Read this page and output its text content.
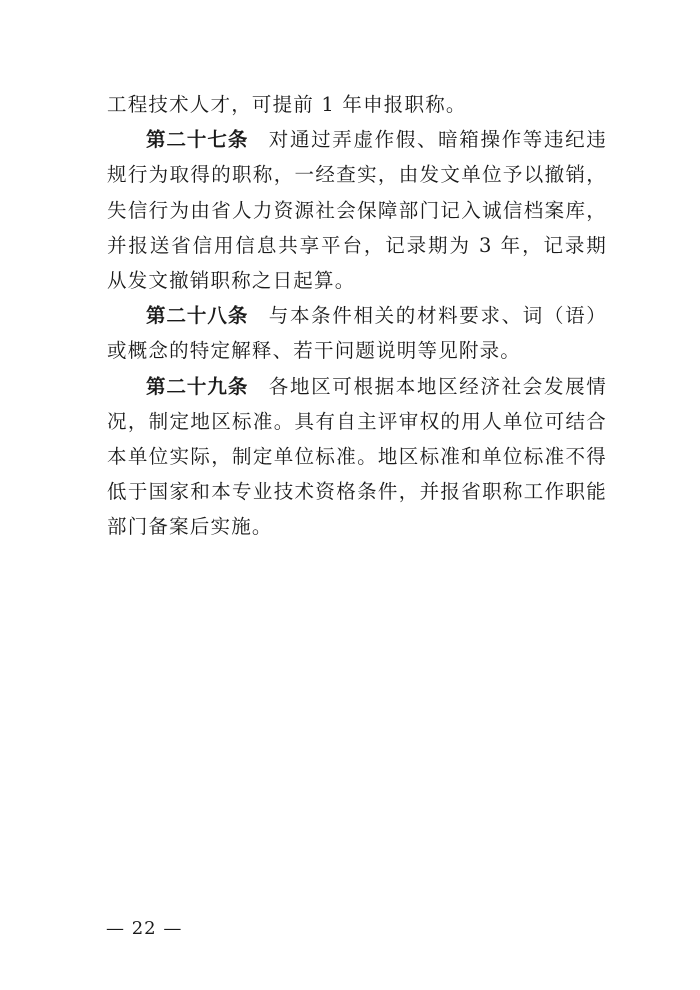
工程技术人才，可提前 1 年申报职称。

第二十七条 对通过弄虚作假、暗箱操作等违纪违规行为取得的职称，一经查实，由发文单位予以撤销，失信行为由省人力资源社会保障部门记入诚信档案库，并报送省信用信息共享平台，记录期为 3 年，记录期从发文撤销职称之日起算。

第二十八条 与本条件相关的材料要求、词（语）或概念的特定解释、若干问题说明等见附录。

第二十九条 各地区可根据本地区经济社会发展情况，制定地区标准。具有自主评审权的用人单位可结合本单位实际，制定单位标准。地区标准和单位标准不得低于国家和本专业技术资格条件，并报省职称工作职能部门备案后实施。

— 22 —
